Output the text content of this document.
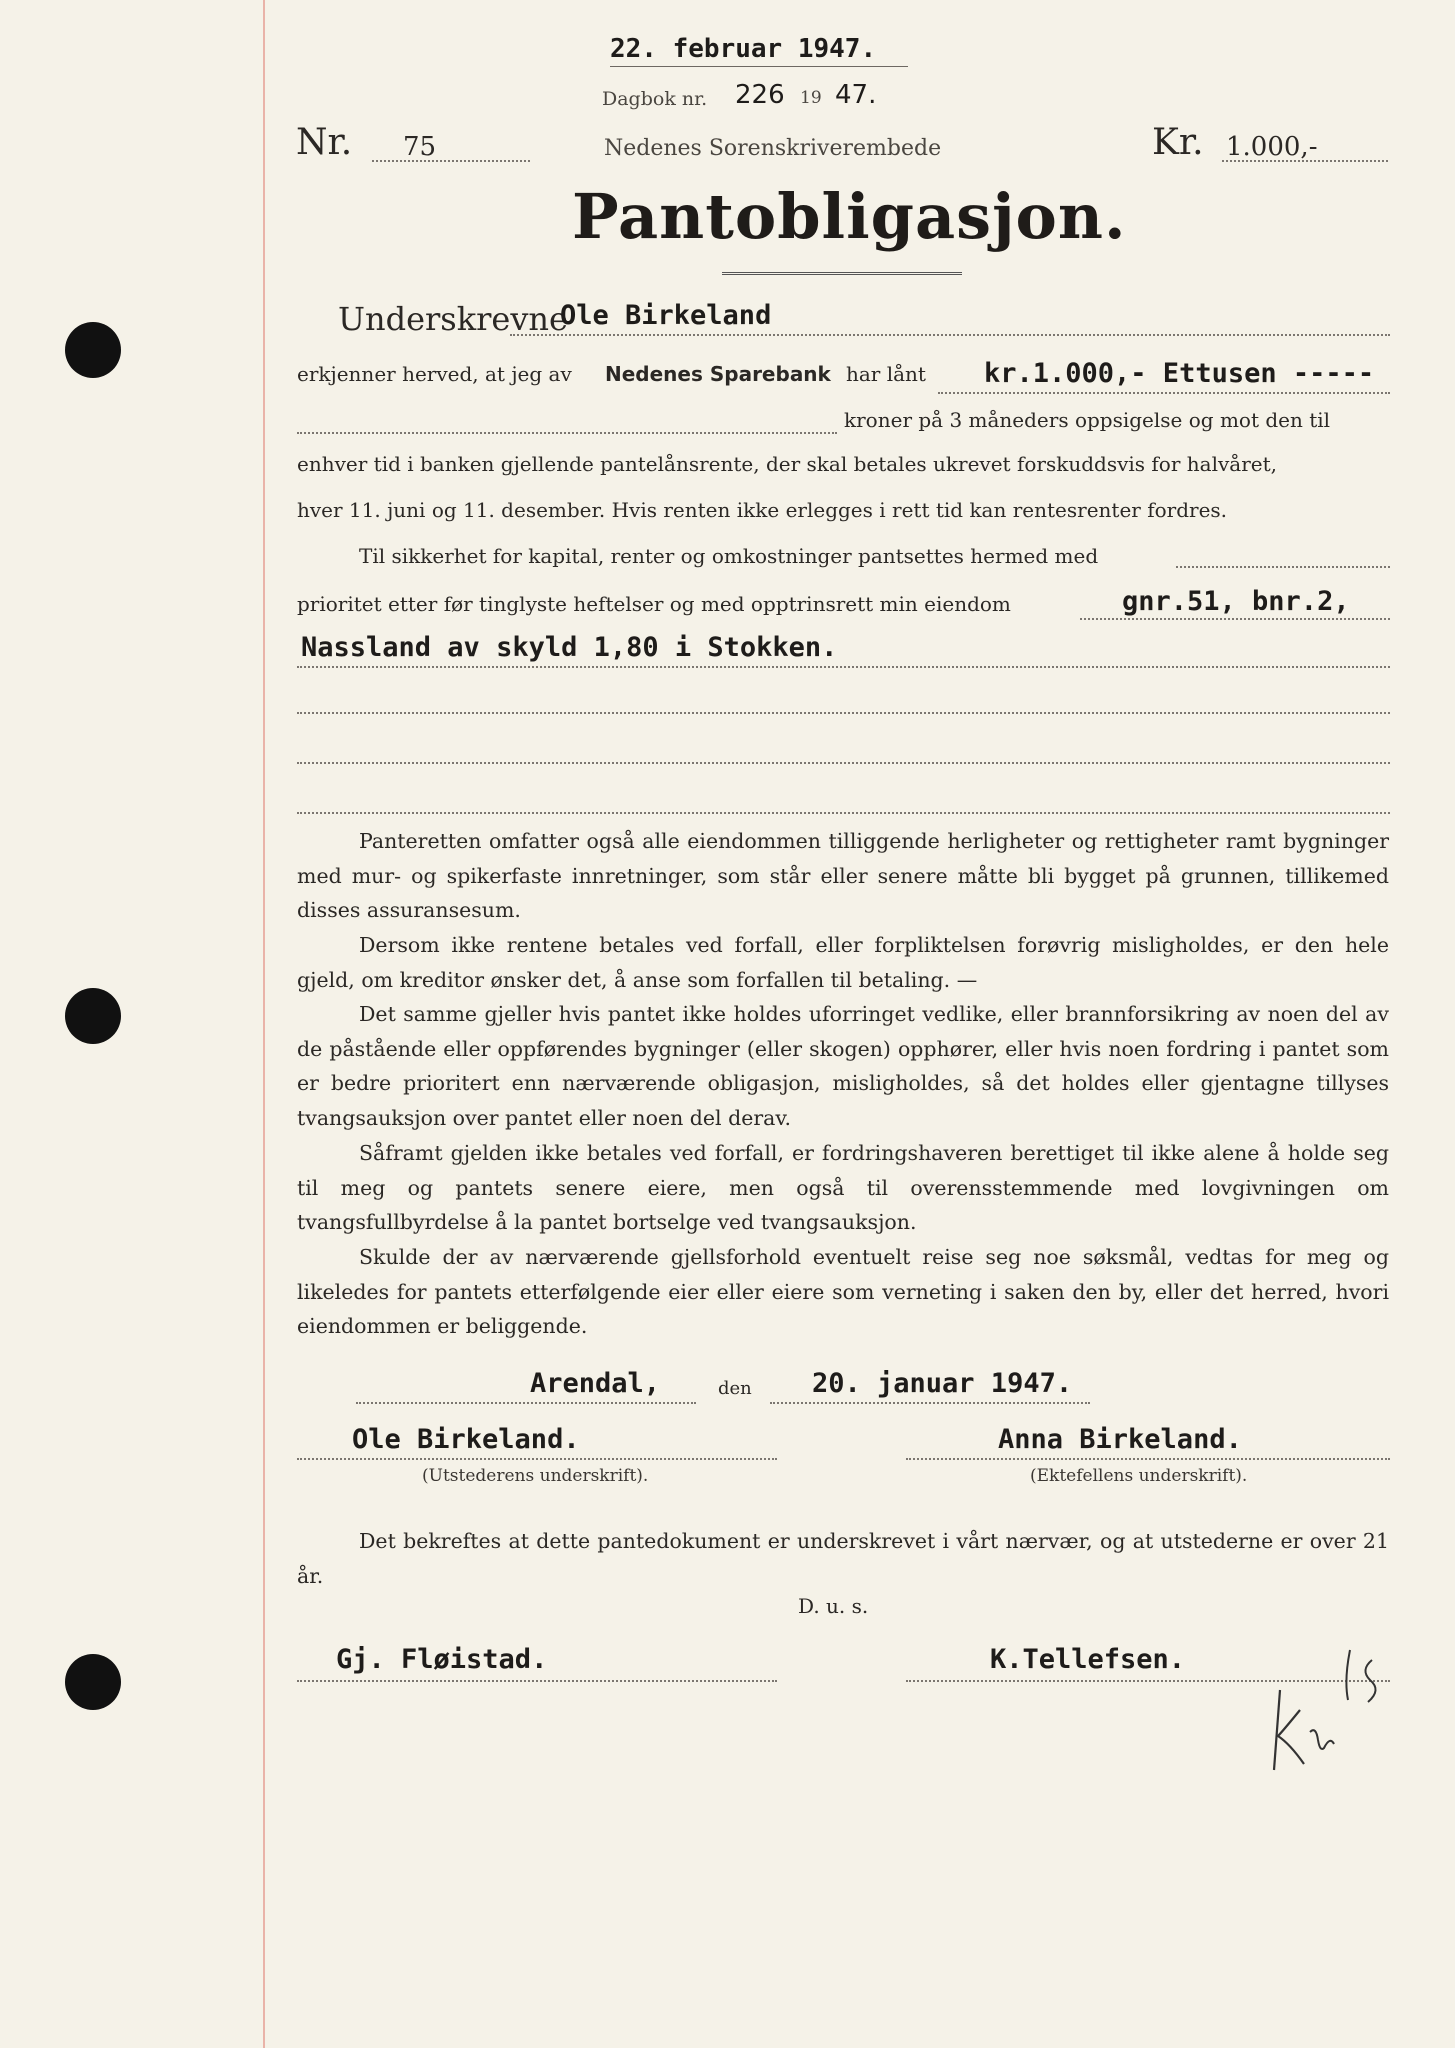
22. februar 1947.
Dagbok nr. 226 19 47.
Nr. 75	Nedenes Sorenskriverembede	Kr. 1.000,-
Pantobligasjon.
Underskrevne
Ole Birkeland
erkjenner herved, at jeg av Nedenes Sparebank har lånt kr.1.000,- Ettusen -----
kroner på 3 måneders oppsigelse og mot den til
enhver tid i banken gjellende pantelånsrente, der skal betales ukrevet forskuddsvis for halvåret,
hver 11. juni og 11. desember. Hvis renten ikke erlegges i rett tid kan rentesrenter fordres.
Til sikkerhet for kapital, renter og omkostninger pantsettes hermed med
prioritet etter før tinglyste heftelser og med opptrinsrett min eiendom	gnr.51, bnr.2,
Nassland av skyld 1,80 i Stokken.
Panteretten omfatter også alle eiendommen tilliggende herligheter og rettigheter ramt bygninger med mur- og spikerfaste innretninger, som står eller senere måtte bli bygget på grunnen, tillikemed disses assuransesum.
Dersom ikke rentene betales ved forfall, eller forpliktelsen forøvrig misligholdes, er den hele gjeld, om kreditor ønsker det, å anse som forfallen til betaling. —
Det samme gjeller hvis pantet ikke holdes uforringet vedlike, eller brannforsikring av noen del av de påstående eller oppførendes bygninger (eller skogen) opphører, eller hvis noen fordring i pantet som er bedre prioritert enn nærværende obligasjon, misligholdes, så det holdes eller gjentagne tillyses tvangsauksjon over pantet eller noen del derav.
Såframt gjelden ikke betales ved forfall, er fordringshaveren berettiget til ikke alene å holde seg til meg og pantets senere eiere, men også til overensstemmende med lovgivningen om tvangsfullbyrdelse å la pantet bortselge ved tvangsauksjon.
Skulde der av nærværende gjellsforhold eventuelt reise seg noe søksmål, vedtas for meg og likeledes for pantets etterfølgende eier eller eiere som verneting i saken den by, eller det herred, hvori eiendommen er beliggende.
Arendal,	den 20. januar 1947.
Ole Birkeland.
(Utstederens underskrift).
Anna Birkeland.
(Ektefellens underskrift).
Det bekreftes at dette pantedokument er underskrevet i vårt nærvær, og at utstederne er over 21 år.
D. u. s.
Gj. Fløistad.	K.Tellefsen.
